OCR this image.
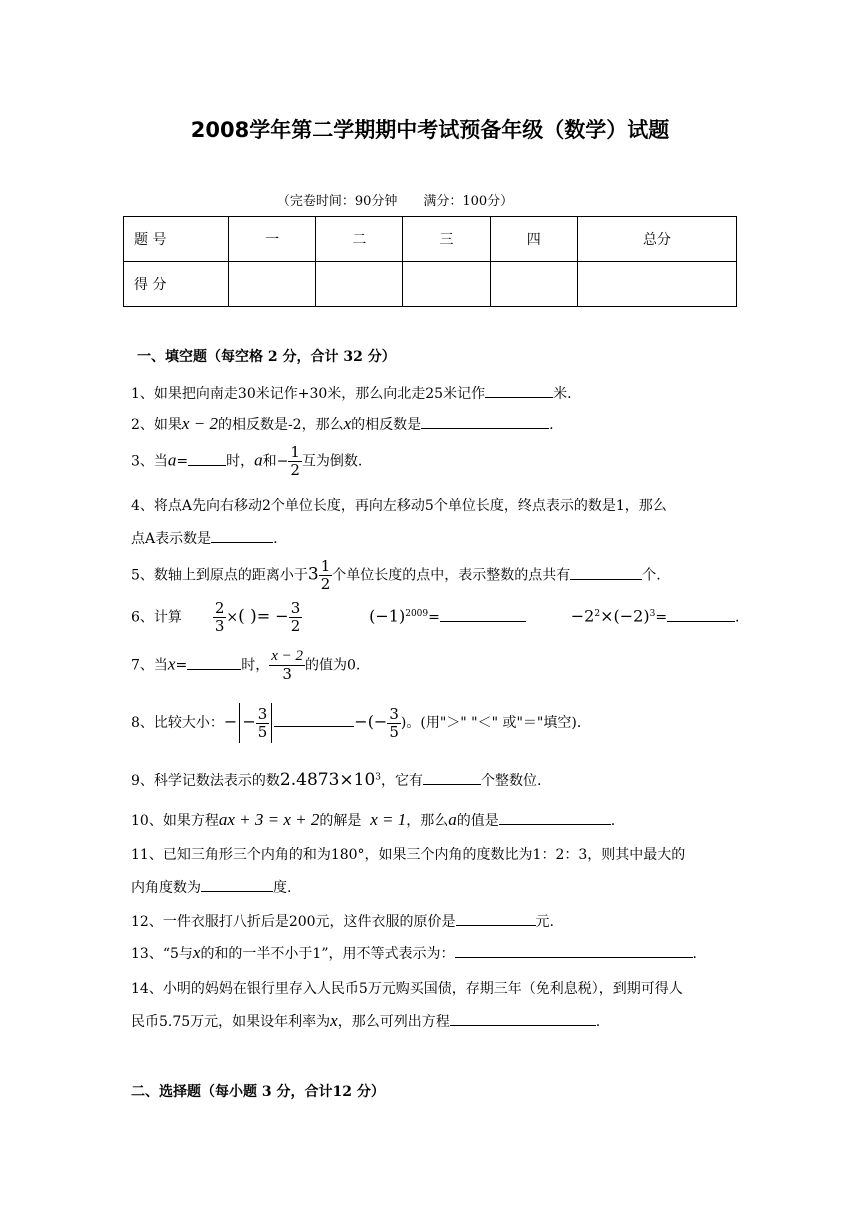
2008学年第二学期期中考试预备年级（数学）试题
（完卷时间：90分钟　　满分：100分）
题 号	一	二	三	四	总分
得 分					
一、填空题（每空格 2 分，合计 32 分）
1、如果把向南走30米记作+30米，那么向北走25米记作	米.
2、如果x − 2的相反数是-2，那么x的相反数是	.
3、当a=	时，a和− $\frac{1}{2}$ 互为倒数.
4、将点A先向右移动2个单位长度，再向左移动5个单位长度，终点表示的数是1，那么
点A表示数是	.
5、数轴上到原点的距离小于$3 \frac{1}{2}$ 个单位长度的点中，表示整数的点共有	个.
6、计算 $\frac{2}{3}$ ×( )= − $\frac{3}{2}$	$(-1)^{2009}=$	$-2^2\times(-2)^3=$	.
7、当x=	时， $\frac{x - 2}{3}$ 的值为0.
8、比较大小：− − $\frac{3}{5}$	−(− $\frac{3}{5}$ )。(用"＞" "＜" 或"＝"填空)．
9、科学记数法表示的数$2.4873\times 10^3$，它有	个整数位.
10、如果方程ax + 3 = x + 2的解是 x = 1，那么a的值是	.
11、已知三角形三个内角的和为180°，如果三个内角的度数比为1：2：3，则其中最大的
内角度数为	度.
12、一件衣服打八折后是200元，这件衣服的原价是	元.
13、“5与x的和的一半不小于1”，用不等式表示为：	.
14、小明的妈妈在银行里存入人民币5万元购买国债，存期三年（免利息税），到期可得人
民币5.75万元，如果设年利率为x，那么可列出方程	.
二、选择题（每小题 3 分，合计12 分）
